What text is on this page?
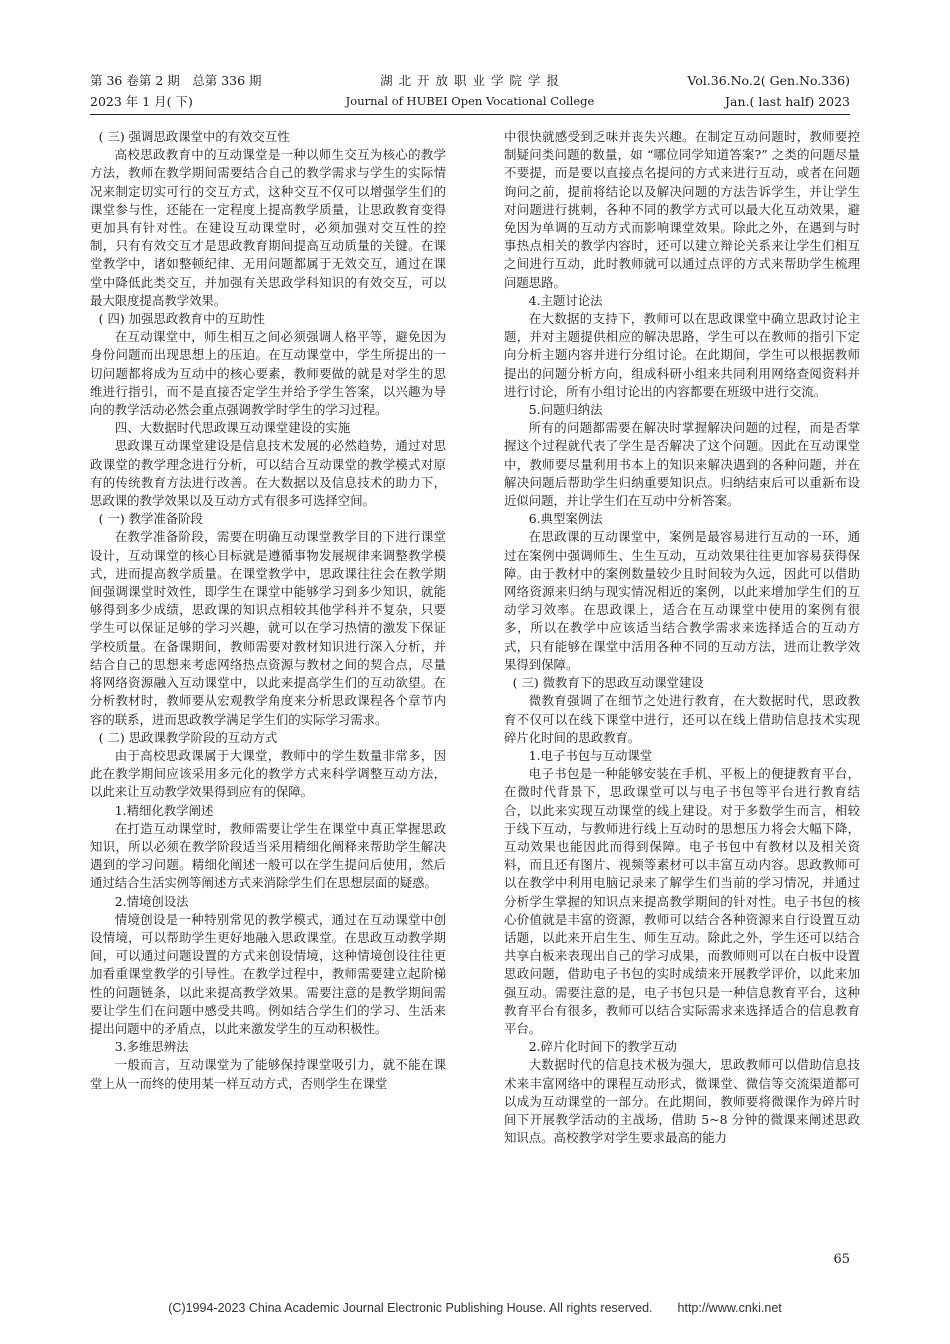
第 36 卷第 2 期　总第 336 期
2023 年 1 月( 下)
湖 北 开 放 职 业 学 院 学 报
Journal of HUBEI Open Vocational College
Vol.36.No.2( Gen.No.336)
Jan.( last half) 2023

( 三) 强调思政课堂中的有效交互性

高校思政教育中的互动课堂是一种以师生交互为核心的教学方法，教师在教学期间需要结合自己的教学需求与学生的实际情况来制定切实可行的交互方式，这种交互不仅可以增强学生们的课堂参与性，还能在一定程度上提高教学质量，让思政教育变得更加具有针对性。在建设互动课堂时，必须加强对交互性的控制，只有有效交互才是思政教育期间提高互动质量的关键。在课堂教学中，诸如整顿纪律、无用问题都属于无效交互，通过在课堂中降低此类交互，并加强有关思政学科知识的有效交互，可以最大限度提高教学效果。

( 四) 加强思政教育中的互助性

在互动课堂中，师生相互之间必须强调人格平等，避免因为身份问题而出现思想上的压迫。在互动课堂中，学生所提出的一切问题都将成为互动中的核心要素，教师要做的就是对学生的思维进行指引，而不是直接否定学生并给予学生答案，以兴趣为导向的教学活动必然会重点强调教学时学生的学习过程。

四、大数据时代思政课互动课堂建设的实施

思政课互动课堂建设是信息技术发展的必然趋势，通过对思政课堂的教学理念进行分析，可以结合互动课堂的教学模式对原有的传统教育方法进行改善。在大数据以及信息技术的助力下，思政课的教学效果以及互动方式有很多可选择空间。

( 一) 教学准备阶段

在教学准备阶段，需要在明确互动课堂教学目的下进行课堂设计，互动课堂的核心目标就是遵循事物发展规律来调整教学模式，进而提高教学质量。在课堂教学中，思政课往往会在教学期间强调课堂时效性，即学生在课堂中能够学习到多少知识，就能够得到多少成绩，思政课的知识点相较其他学科并不复杂，只要学生可以保证足够的学习兴趣，就可以在学习热情的激发下保证学校质量。在备课期间，教师需要对教材知识进行深入分析，并结合自己的思想来考虑网络热点资源与教材之间的契合点，尽量将网络资源融入互动课堂中，以此来提高学生们的互动欲望。在分析教材时，教师要从宏观教学角度来分析思政课程各个章节内容的联系，进而思政教学满足学生们的实际学习需求。

( 二) 思政课教学阶段的互动方式

由于高校思政课属于大课堂，教师中的学生数量非常多，因此在教学期间应该采用多元化的教学方式来科学调整互动方法，以此来让互动教学效果得到应有的保障。

1.精细化教学阐述

在打造互动课堂时，教师需要让学生在课堂中真正掌握思政知识，所以必须在教学阶段适当采用精细化阐释来帮助学生解决遇到的学习问题。精细化阐述一般可以在学生提问后使用，然后通过结合生活实例等阐述方式来消除学生们在思想层面的疑惑。

2.情境创设法

情境创设是一种特别常见的教学模式，通过在互动课堂中创设情境，可以帮助学生更好地融入思政课堂。在思政互动教学期间，可以通过问题设置的方式来创设情境，这种情境创设往往更加看重课堂教学的引导性。在教学过程中，教师需要建立起阶梯性的问题链条，以此来提高教学效果。需要注意的是教学期间需要让学生们在问题中感受共鸣。例如结合学生们的学习、生活来提出问题中的矛盾点，以此来激发学生的互动积极性。

3.多维思辨法

一般而言，互动课堂为了能够保持课堂吸引力，就不能在课堂上从一而终的使用某一样互动方式，否则学生在课堂

中很快就感受到乏味并丧失兴趣。在制定互动问题时，教师要控制疑问类问题的数量，如 “哪位同学知道答案?” 之类的问题尽量不要提，而是要以直接点名提问的方式来进行互动，或者在问题询问之前，提前将结论以及解决问题的方法告诉学生，并让学生对问题进行挑刺，各种不同的教学方式可以最大化互动效果，避免因为单调的互动方式而影响课堂效果。除此之外，在遇到与时事热点相关的教学内容时，还可以建立辩论关系来让学生们相互之间进行互动，此时教师就可以通过点评的方式来帮助学生梳理问题思路。

4.主题讨论法

在大数据的支持下，教师可以在思政课堂中确立思政讨论主题，并对主题提供相应的解决思路，学生可以在教师的指引下定向分析主题内容并进行分组讨论。在此期间，学生可以根据教师提出的问题分析方向，组成科研小组来共同利用网络查阅资料并进行讨论，所有小组讨论出的内容都要在班级中进行交流。

5.问题归纳法

所有的问题都需要在解决时掌握解决问题的过程，而是否掌握这个过程就代表了学生是否解决了这个问题。因此在互动课堂中，教师要尽量利用书本上的知识来解决遇到的各种问题，并在解决问题后帮助学生归纳重要知识点。归纳结束后可以重新布设近似问题，并让学生们在互动中分析答案。

6.典型案例法

在思政课的互动课堂中，案例是最容易进行互动的一环，通过在案例中强调师生、生生互动，互动效果往往更加容易获得保障。由于教材中的案例数量较少且时间较为久远，因此可以借助网络资源来归纳与现实情况相近的案例，以此来增加学生们的互动学习效率。在思政课上，适合在互动课堂中使用的案例有很多，所以在教学中应该适当结合教学需求来选择适合的互动方式，只有能够在课堂中活用各种不同的互动方法，进而让教学效果得到保障。

( 三) 微教育下的思政互动课堂建设

微教育强调了在细节之处进行教育，在大数据时代，思政教育不仅可以在线下课堂中进行，还可以在线上借助信息技术实现碎片化时间的思政教育。

1.电子书包与互动课堂

电子书包是一种能够安装在手机、平板上的便捷教育平台，在微时代背景下，思政课堂可以与电子书包等平台进行教育结合，以此来实现互动课堂的线上建设。对于多数学生而言，相较于线下互动，与教师进行线上互动时的思想压力将会大幅下降，互动效果也能因此而得到保障。电子书包中有教材以及相关资料，而且还有图片、视频等素材可以丰富互动内容。思政教师可以在教学中利用电脑记录来了解学生们当前的学习情况，并通过分析学生掌握的知识点来提高教学期间的针对性。电子书包的核心价值就是丰富的资源，教师可以结合各种资源来自行设置互动话题，以此来开启生生、师生互动。除此之外，学生还可以结合共享白板来表现出自己的学习成果，而教师则可以在白板中设置思政问题，借助电子书包的实时成绩来开展教学评价，以此来加强互动。需要注意的是，电子书包只是一种信息教育平台，这种教育平台有很多，教师可以结合实际需求来选择适合的信息教育平台。

2.碎片化时间下的教学互动

大数据时代的信息技术极为强大，思政教师可以借助信息技术来丰富网络中的课程互动形式，微课堂、微信等交流渠道都可以成为互动课堂的一部分。在此期间，教师要将微课作为碎片时间下开展教学活动的主战场，借助 5~8 分钟的微课来阐述思政知识点。高校教学对学生要求最高的能力

65
(C)1994-2023 China Academic Journal Electronic Publishing House. All rights reserved.　　http://www.cnki.net
